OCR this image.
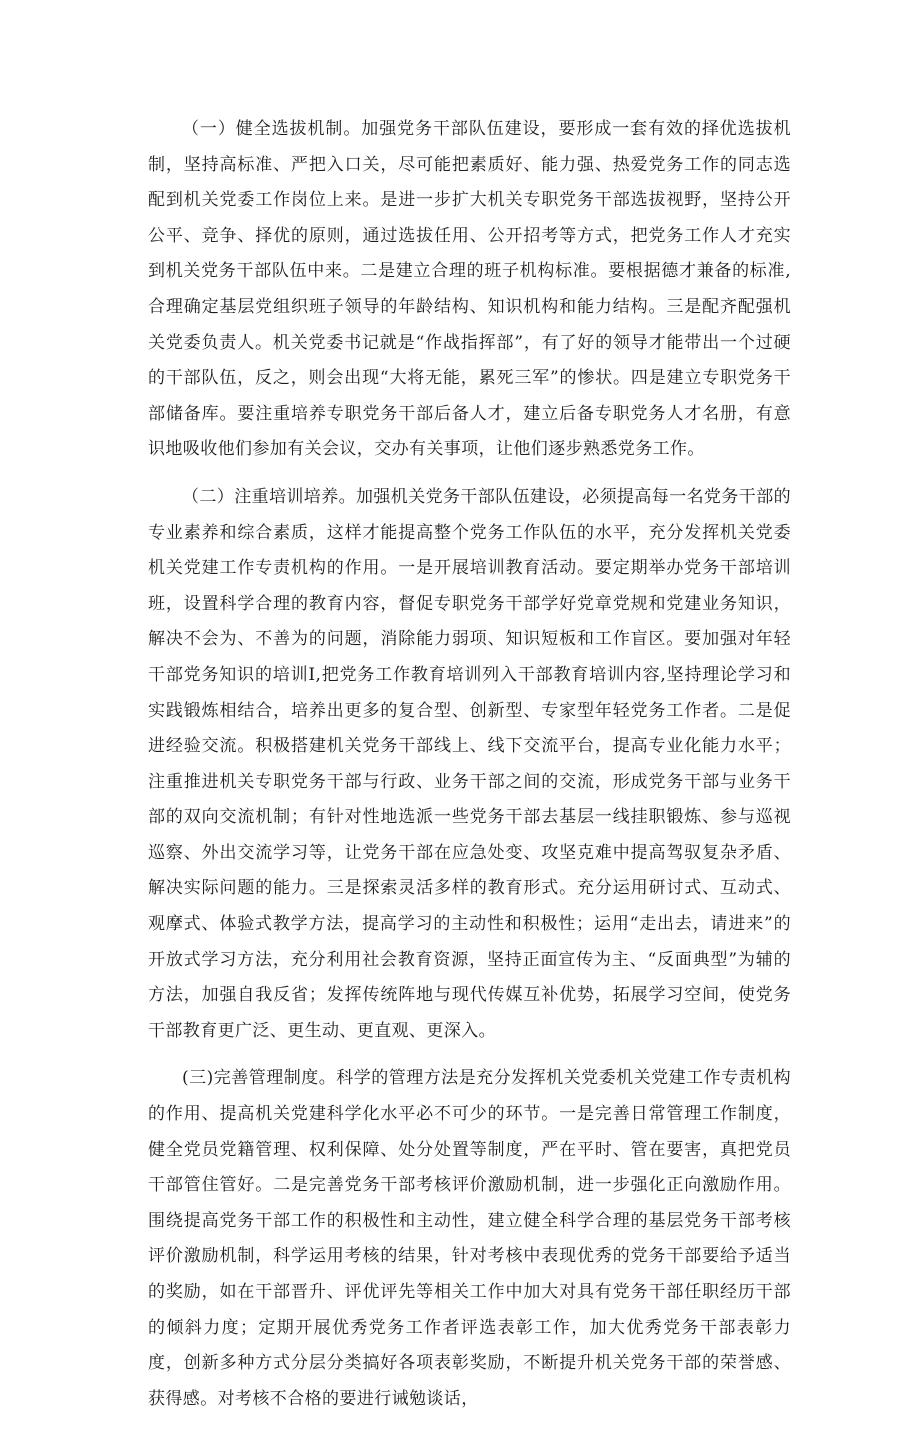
（一）健全选拔机制。加强党务干部队伍建设，要形成一套有效的择优选拔机制，坚持高标准、严把入口关，尽可能把素质好、能力强、热爱党务工作的同志选配到机关党委工作岗位上来。是进一步扩大机关专职党务干部选拔视野，坚持公开公平、竞争、择优的原则，通过选拔任用、公开招考等方式，把党务工作人才充实到机关党务干部队伍中来。二是建立合理的班子机构标准。要根据德才兼备的标准,合理确定基层党组织班子领导的年龄结构、知识机构和能力结构。三是配齐配强机关党委负责人。机关党委书记就是“作战指挥部”，有了好的领导才能带出一个过硬的干部队伍，反之，则会出现“大将无能，累死三军”的惨状。四是建立专职党务干部储备库。要注重培养专职党务干部后备人才，建立后备专职党务人才名册，有意识地吸收他们参加有关会议，交办有关事项，让他们逐步熟悉党务工作。

（二）注重培训培养。加强机关党务干部队伍建设，必须提高每一名党务干部的专业素养和综合素质，这样才能提高整个党务工作队伍的水平，充分发挥机关党委机关党建工作专责机构的作用。一是开展培训教育活动。要定期举办党务干部培训班，设置科学合理的教育内容，督促专职党务干部学好党章党规和党建业务知识，解决不会为、不善为的问题，消除能力弱项、知识短板和工作盲区。要加强对年轻干部党务知识的培训I,把党务工作教育培训列入干部教育培训内容,坚持理论学习和实践锻炼相结合，培养出更多的复合型、创新型、专家型年轻党务工作者。二是促进经验交流。积极搭建机关党务干部线上、线下交流平台，提高专业化能力水平；注重推进机关专职党务干部与行政、业务干部之间的交流，形成党务干部与业务干部的双向交流机制；有针对性地选派一些党务干部去基层一线挂职锻炼、参与巡视巡察、外出交流学习等，让党务干部在应急处变、攻坚克难中提高驾驭复杂矛盾、解决实际问题的能力。三是探索灵活多样的教育形式。充分运用研讨式、互动式、观摩式、体验式教学方法，提高学习的主动性和积极性；运用“走出去，请进来”的开放式学习方法，充分利用社会教育资源，坚持正面宣传为主、“反面典型”为辅的方法，加强自我反省；发挥传统阵地与现代传媒互补优势，拓展学习空间，使党务干部教育更广泛、更生动、更直观、更深入。

(三)完善管理制度。科学的管理方法是充分发挥机关党委机关党建工作专责机构的作用、提高机关党建科学化水平必不可少的环节。一是完善日常管理工作制度，健全党员党籍管理、权利保障、处分处置等制度，严在平时、管在要害，真把党员干部管住管好。二是完善党务干部考核评价激励机制，进一步强化正向激励作用。围绕提高党务干部工作的积极性和主动性，建立健全科学合理的基层党务干部考核评价激励机制，科学运用考核的结果，针对考核中表现优秀的党务干部要给予适当的奖励，如在干部晋升、评优评先等相关工作中加大对具有党务干部任职经历干部的倾斜力度；定期开展优秀党务工作者评选表彰工作，加大优秀党务干部表彰力度，创新多种方式分层分类搞好各项表彰奖励，不断提升机关党务干部的荣誉感、获得感。对考核不合格的要进行诫勉谈话，
